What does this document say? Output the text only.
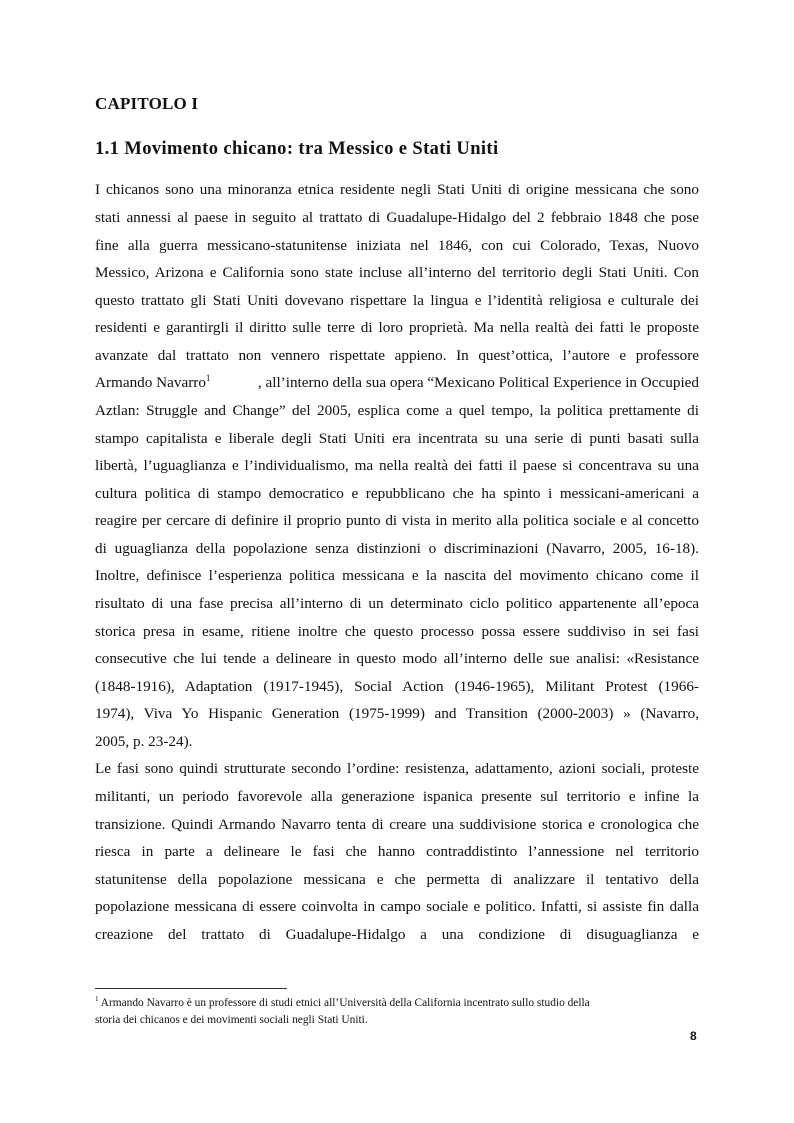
CAPITOLO I
1.1 Movimento chicano: tra Messico e Stati Uniti
I chicanos sono una minoranza etnica residente negli Stati Uniti di origine messicana che sono
stati annessi al paese in seguito al trattato di Guadalupe-Hidalgo del 2 febbraio 1848 che pose
fine alla guerra messicano-statunitense iniziata nel 1846, con cui Colorado, Texas, Nuovo
Messico, Arizona e California sono state incluse all’interno del territorio degli Stati Uniti. Con
questo trattato gli Stati Uniti dovevano rispettare la lingua e l’identità religiosa e culturale dei
residenti e garantirgli il diritto sulle terre di loro proprietà. Ma nella realtà dei fatti le proposte
avanzate dal trattato non vennero rispettate appieno. In quest’ottica, l’autore e professore
Armando Navarro$^1$	, all’interno della sua opera “Mexicano Political Experience in Occupied
Aztlan: Struggle and Change” del 2005, esplica come a quel tempo, la politica prettamente di
stampo capitalista e liberale degli Stati Uniti era incentrata su una serie di punti basati sulla
libertà, l’uguaglianza e l’individualismo, ma nella realtà dei fatti il paese si concentrava su una
cultura politica di stampo democratico e repubblicano che ha spinto i messicani-americani a
reagire per cercare di definire il proprio punto di vista in merito alla politica sociale e al concetto
di uguaglianza della popolazione senza distinzioni o discriminazioni (Navarro, 2005, 16-18).
Inoltre, definisce l’esperienza politica messicana e la nascita del movimento chicano come il
risultato di una fase precisa all’interno di un determinato ciclo politico appartenente all’epoca
storica presa in esame, ritiene inoltre che questo processo possa essere suddiviso in sei fasi
consecutive che lui tende a delineare in questo modo all’interno delle sue analisi: «Resistance
(1848-1916), Adaptation (1917-1945), Social Action (1946-1965), Militant Protest (1966-
1974), Viva Yo Hispanic Generation (1975-1999) and Transition (2000-2003) » (Navarro,
2005, p. 23-24).
Le fasi sono quindi strutturate secondo l’ordine: resistenza, adattamento, azioni sociali, proteste
militanti, un periodo favorevole alla generazione ispanica presente sul territorio e infine la
transizione. Quindi Armando Navarro tenta di creare una suddivisione storica e cronologica che
riesca in parte a delineare le fasi che hanno contraddistinto l’annessione nel territorio
statunitense della popolazione messicana e che permetta di analizzare il tentativo della
popolazione messicana di essere coinvolta in campo sociale e politico. Infatti, si assiste fin dalla
creazione del trattato di Guadalupe-Hidalgo a una condizione di disuguaglianza e
$^1$ Armando Navarro è un professore di studi etnici all’Università della California incentrato sullo studio della
storia dei chicanos e dei movimenti sociali negli Stati Uniti.
8
